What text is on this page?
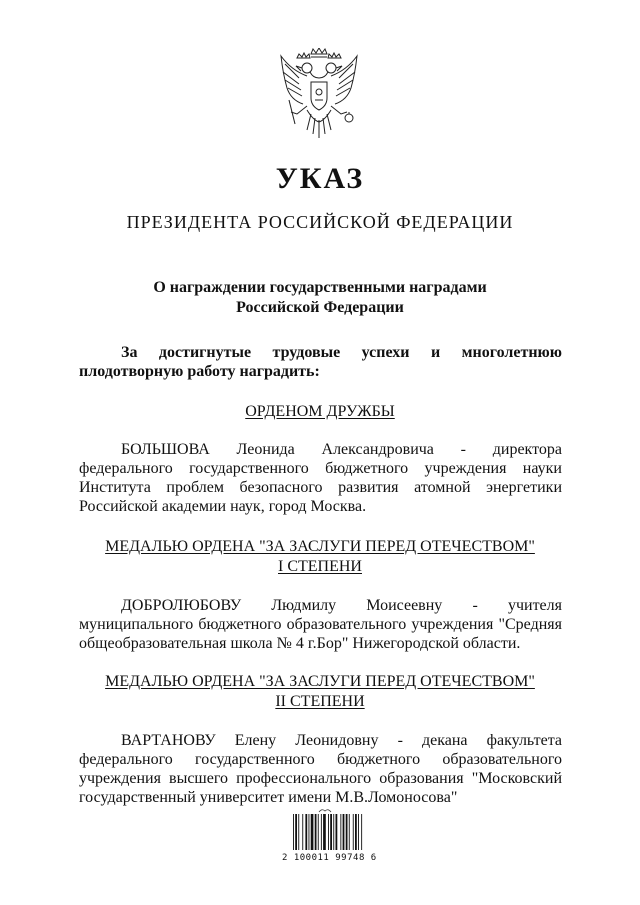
УКАЗ
ПРЕЗИДЕНТА РОССИЙСКОЙ ФЕДЕРАЦИИ
О награждении государственными наградами
Российской Федерации
За достигнутые трудовые успехи и многолетнюю плодотворную работу наградить:
ОРДЕНОМ ДРУЖБЫ
БОЛЬШОВА Леонида Александровича - директора федерального государственного бюджетного учреждения науки Института проблем безопасного развития атомной энергетики Российской академии наук, город Москва.
МЕДАЛЬЮ ОРДЕНА "ЗА ЗАСЛУГИ ПЕРЕД ОТЕЧЕСТВОМ"
I СТЕПЕНИ
ДОБРОЛЮБОВУ Людмилу Моисеевну - учителя муниципального бюджетного образовательного учреждения "Средняя общеобразовательная школа № 4 г.Бор" Нижегородской области.
МЕДАЛЬЮ ОРДЕНА "ЗА ЗАСЛУГИ ПЕРЕД ОТЕЧЕСТВОМ"
II СТЕПЕНИ
ВАРТАНОВУ Елену Леонидовну - декана факультета федерального государственного бюджетного образовательного учреждения высшего профессионального образования "Московский государственный университет имени М.В.Ломоносова"
2 100011 99748 6
